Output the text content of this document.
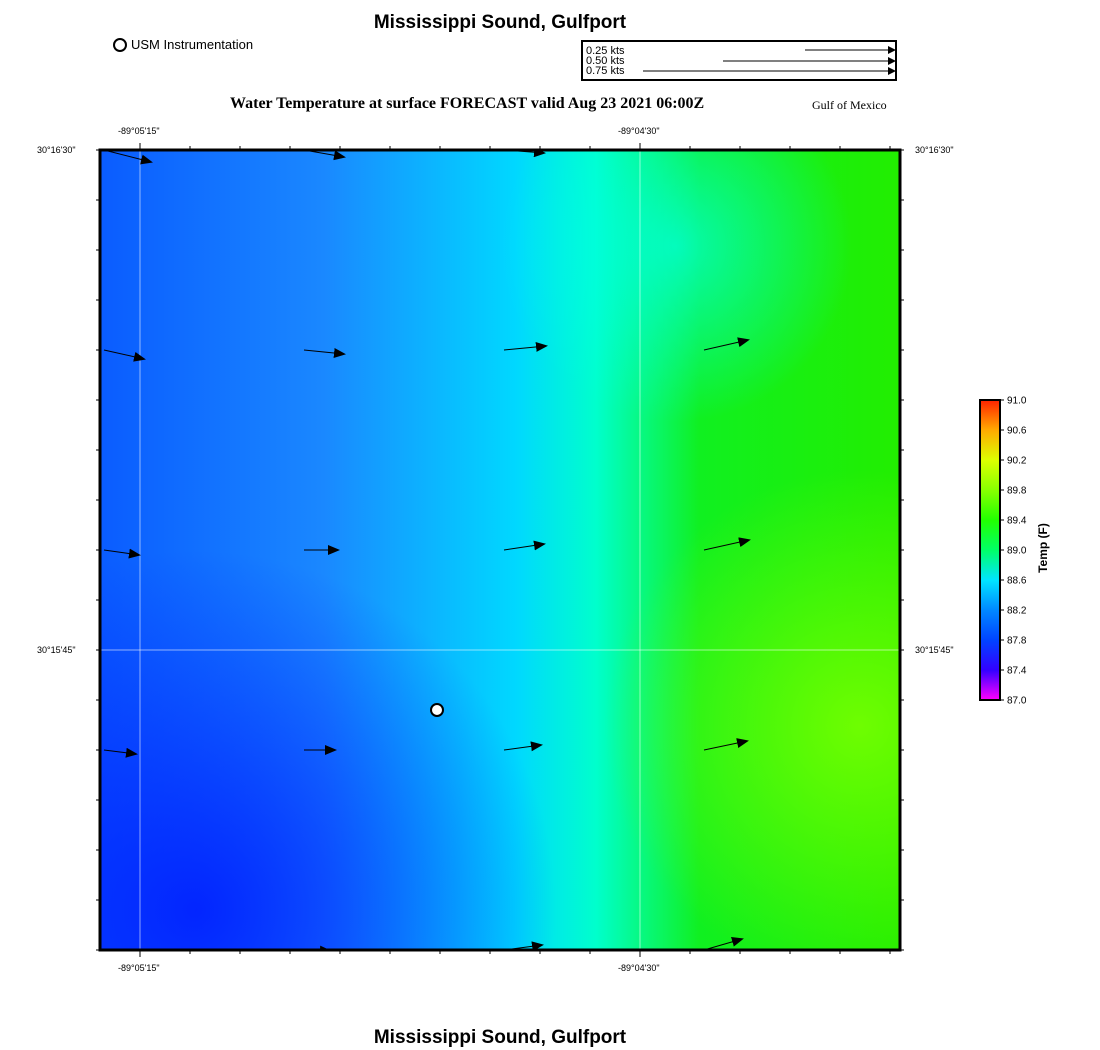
Mississippi Sound, Gulfport
Mississippi Sound, Gulfport
USM Instrumentation
Water Temperature at surface FORECAST valid Aug 23 2021 06:00Z	Gulf of Mexico
0.25 kts
0.50 kts
0.75 kts
-89°05'15"	-89°04'30"
-89°05'15"	-89°04'30"
30°16'30"
30°15'45"
30°16'30"
30°15'45"
91.0
90.6
90.2
89.8
89.4
89.0
88.6
88.2
87.8
87.4
87.0
Temp (F)
